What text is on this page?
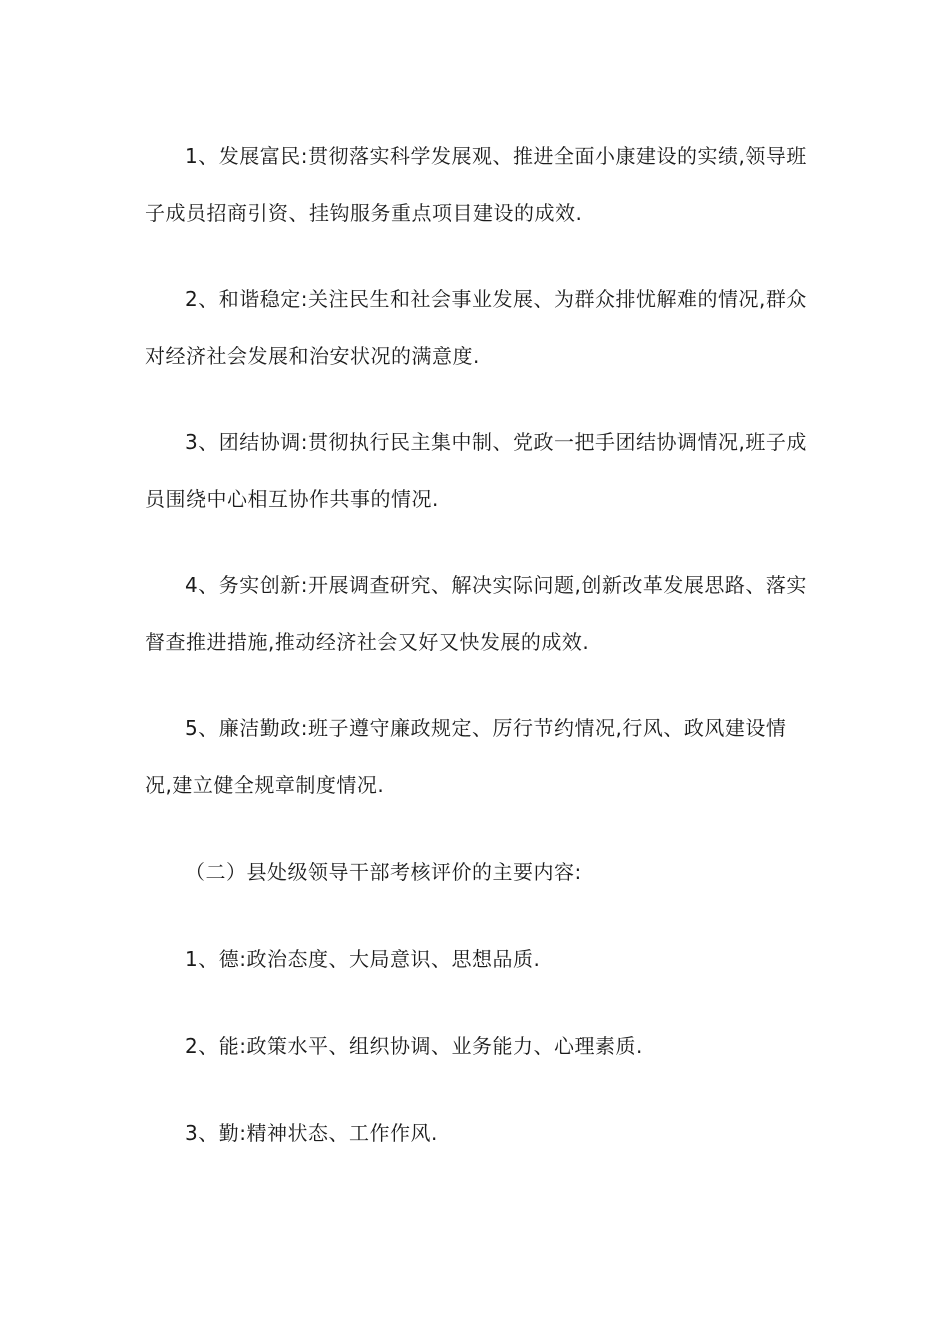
1、发展富民:贯彻落实科学发展观、推进全面小康建设的实绩,领导班子成员招商引资、挂钩服务重点项目建设的成效.

2、和谐稳定:关注民生和社会事业发展、为群众排忧解难的情况,群众对经济社会发展和治安状况的满意度.

3、团结协调:贯彻执行民主集中制、党政一把手团结协调情况,班子成员围绕中心相互协作共事的情况.

4、务实创新:开展调查研究、解决实际问题,创新改革发展思路、落实督查推进措施,推动经济社会又好又快发展的成效.

5、廉洁勤政:班子遵守廉政规定、厉行节约情况,行风、政风建设情况,建立健全规章制度情况.

（二）县处级领导干部考核评价的主要内容:

1、德:政治态度、大局意识、思想品质.

2、能:政策水平、组织协调、业务能力、心理素质.

3、勤:精神状态、工作作风.
